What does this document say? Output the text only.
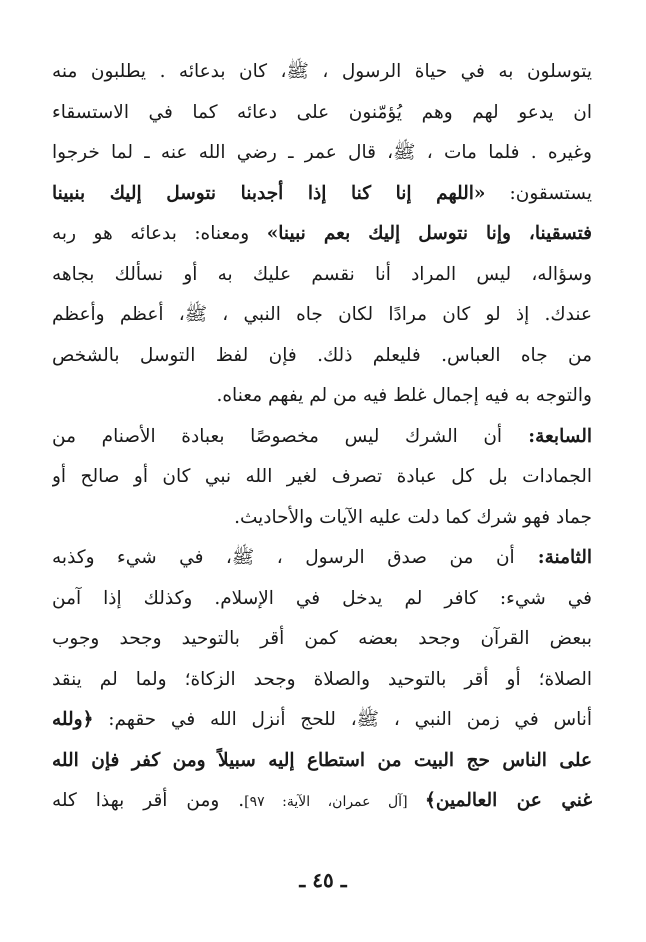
يتوسلون به في حياة الرسول ، ﷺ، كان بدعائه . يطلبون منه
ان يدعو لهم وهم يُؤمّنون على دعائه كما في الاستسقاء
وغيره . فلما مات ، ﷺ، قال عمر ـ رضي الله عنه ـ لما خرجوا
يستسقون: «اللهم إنا كنا إذا أجدبنا نتوسل إليك بنبينا
فتسقينا، وإنا نتوسل إليك بعم نبينا» ومعناه: بدعائه هو ربه
وسؤاله، ليس المراد أنا نقسم عليك به أو نسألك بجاهه
عندك. إذ لو كان مرادًا لكان جاه النبي ، ﷺ، أعظم وأعظم
من جاه العباس. فليعلم ذلك. فإن لفظ التوسل بالشخص
والتوجه به فيه إجمال غلط فيه من لم يفهم معناه.
السابعة: أن الشرك ليس مخصوصًا بعبادة الأصنام من
الجمادات بل كل عبادة تصرف لغير الله نبي كان أو صالح أو
جماد فهو شرك كما دلت عليه الآيات والأحاديث.
الثامنة: أن من صدق الرسول ، ﷺ، في شيء وكذبه
في شيء: كافر لم يدخل في الإسلام. وكذلك إذا آمن
ببعض القرآن وجحد بعضه كمن أقر بالتوحيد وجحد وجوب
الصلاة؛ أو أقر بالتوحيد والصلاة وجحد الزكاة؛ ولما لم ينقد
أناس في زمن النبي ، ﷺ، للحج أنزل الله في حقهم: ﴿ولله
على الناس حج البيت من استطاع إليه سبيلاً ومن كفر فإن الله
غني عن العالمين﴾ [آل عمران، الآية: ٩٧]. ومن أقر بهذا كله
ـ ٤٥ ـ
